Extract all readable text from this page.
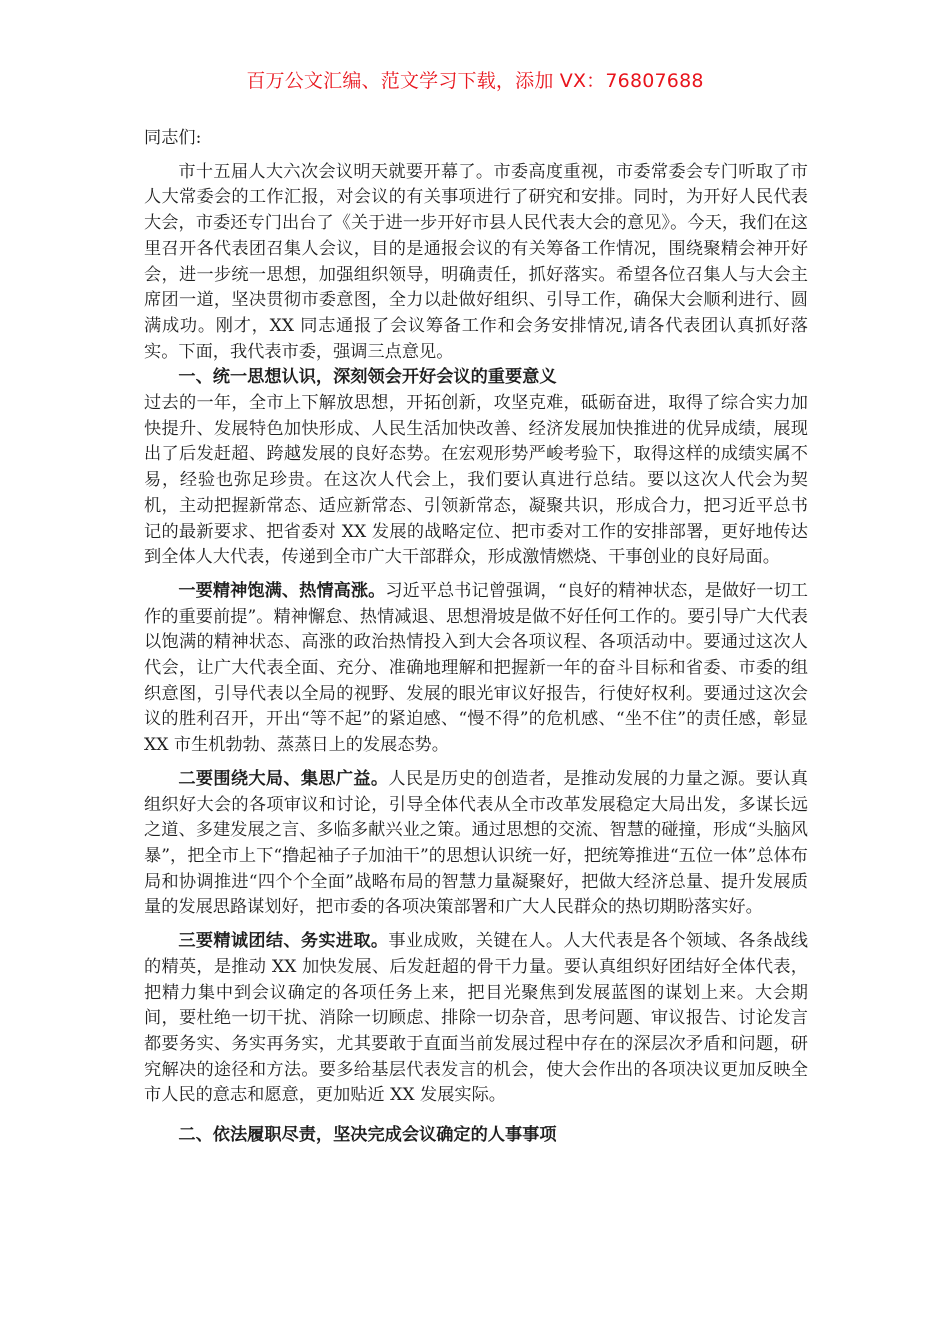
百万公文汇编、范文学习下载，添加 VX：76807688

同志们:

市十五届人大六次会议明天就要开幕了。市委高度重视，市委常委会专门听取了市人大常委会的工作汇报，对会议的有关事项进行了研究和安排。同时，为开好人民代表大会，市委还专门出台了《关于进一步开好市县人民代表大会的意见》。今天，我们在这里召开各代表团召集人会议，目的是通报会议的有关筹备工作情况，围绕聚精会神开好会，进一步统一思想，加强组织领导，明确责任，抓好落实。希望各位召集人与大会主席团一道，坚决贯彻市委意图，全力以赴做好组织、引导工作，确保大会顺利进行、圆满成功。刚才，XX 同志通报了会议筹备工作和会务安排情况,请各代表团认真抓好落实。下面，我代表市委，强调三点意见。

一、统一思想认识，深刻领会开好会议的重要意义

过去的一年，全市上下解放思想，开拓创新，攻坚克难，砥砺奋进，取得了综合实力加快提升、发展特色加快形成、人民生活加快改善、经济发展加快推进的优异成绩，展现出了后发赶超、跨越发展的良好态势。在宏观形势严峻考验下，取得这样的成绩实属不易，经验也弥足珍贵。在这次人代会上，我们要认真进行总结。要以这次人代会为契机，主动把握新常态、适应新常态、引领新常态，凝聚共识，形成合力，把习近平总书记的最新要求、把省委对 XX 发展的战略定位、把市委对工作的安排部署，更好地传达到全体人大代表，传递到全市广大干部群众，形成激情燃烧、干事创业的良好局面。

一要精神饱满、热情高涨。习近平总书记曾强调，“良好的精神状态，是做好一切工作的重要前提”。精神懈怠、热情减退、思想滑坡是做不好任何工作的。要引导广大代表以饱满的精神状态、高涨的政治热情投入到大会各项议程、各项活动中。要通过这次人代会，让广大代表全面、充分、准确地理解和把握新一年的奋斗目标和省委、市委的组织意图，引导代表以全局的视野、发展的眼光审议好报告，行使好权利。要通过这次会议的胜利召开，开出“等不起”的紧迫感、“慢不得”的危机感、“坐不住”的责任感，彰显 XX 市生机勃勃、蒸蒸日上的发展态势。

二要围绕大局、集思广益。人民是历史的创造者，是推动发展的力量之源。要认真组织好大会的各项审议和讨论，引导全体代表从全市改革发展稳定大局出发，多谋长远之道、多建发展之言、多临多献兴业之策。通过思想的交流、智慧的碰撞，形成“头脑风暴”，把全市上下“撸起袖子子加油干”的思想认识统一好，把统筹推进“五位一体”总体布局和协调推进“四个个全面”战略布局的智慧力量凝聚好，把做大经济总量、提升发展质量的发展思路谋划好，把市委的各项决策部署和广大人民群众的热切期盼落实好。

三要精诚团结、务实进取。事业成败，关键在人。人大代表是各个领域、各条战线的精英，是推动 XX 加快发展、后发赶超的骨干力量。要认真组织好团结好全体代表，把精力集中到会议确定的各项任务上来，把目光聚焦到发展蓝图的谋划上来。大会期间，要杜绝一切干扰、消除一切顾虑、排除一切杂音，思考问题、审议报告、讨论发言都要务实、务实再务实，尤其要敢于直面当前发展过程中存在的深层次矛盾和问题，研究解决的途径和方法。要多给基层代表发言的机会，使大会作出的各项决议更加反映全市人民的意志和愿意，更加贴近 XX 发展实际。

二、依法履职尽责，坚决完成会议确定的人事事项
